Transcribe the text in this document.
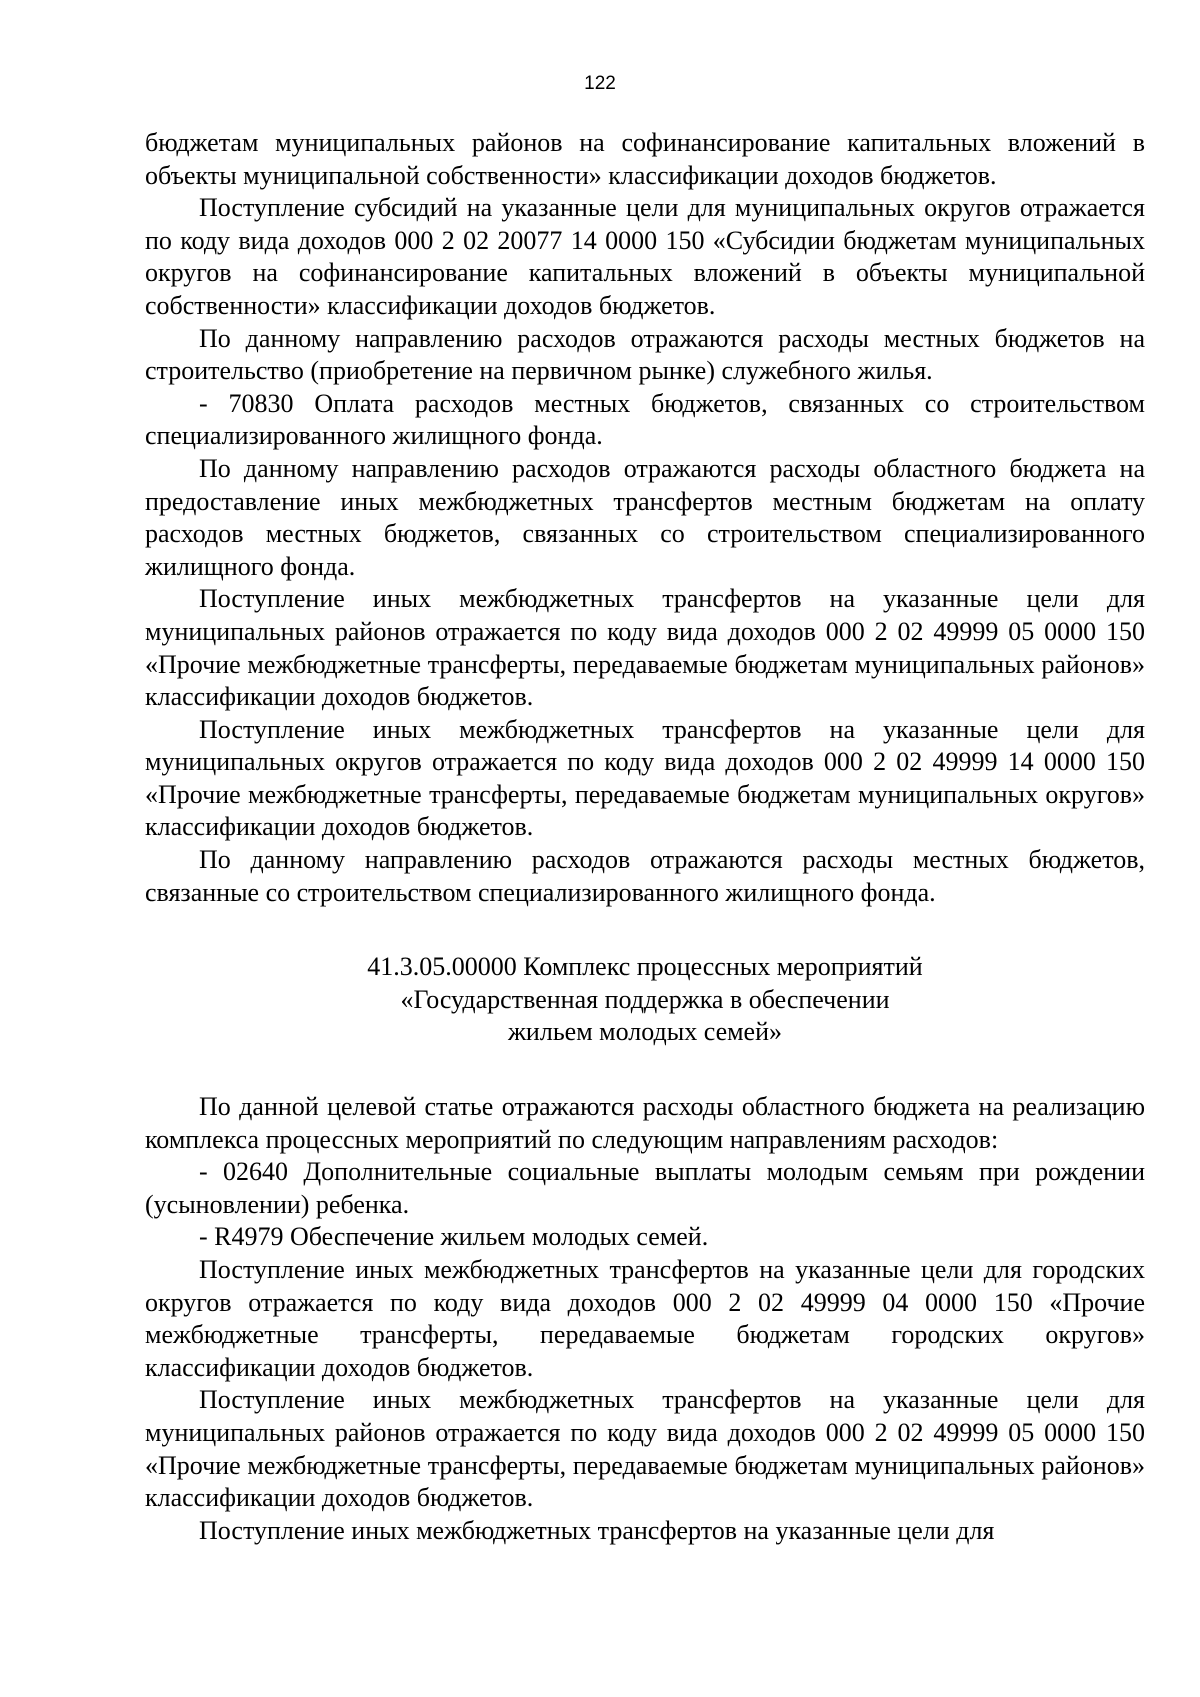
122

бюджетам муниципальных районов на софинансирование капитальных вложений в объекты муниципальной собственности» классификации доходов бюджетов.

Поступление субсидий на указанные цели для муниципальных округов отражается по коду вида доходов 000 2 02 20077 14 0000 150 «Субсидии бюджетам муниципальных округов на софинансирование капитальных вложений в объекты муниципальной собственности» классификации доходов бюджетов.

По данному направлению расходов отражаются расходы местных бюджетов на строительство (приобретение на первичном рынке) служебного жилья.

- 70830 Оплата расходов местных бюджетов, связанных со строительством специализированного жилищного фонда.

По данному направлению расходов отражаются расходы областного бюджета на предоставление иных межбюджетных трансфертов местным бюджетам на оплату расходов местных бюджетов, связанных со строительством специализированного жилищного фонда.

Поступление иных межбюджетных трансфертов на указанные цели для муниципальных районов отражается по коду вида доходов 000 2 02 49999 05 0000 150 «Прочие межбюджетные трансферты, передаваемые бюджетам муниципальных районов» классификации доходов бюджетов.

Поступление иных межбюджетных трансфертов на указанные цели для муниципальных округов отражается по коду вида доходов 000 2 02 49999 14 0000 150 «Прочие межбюджетные трансферты, передаваемые бюджетам муниципальных округов» классификации доходов бюджетов.

По данному направлению расходов отражаются расходы местных бюджетов, связанные со строительством специализированного жилищного фонда.

41.3.05.00000 Комплекс процессных мероприятий
«Государственная поддержка в обеспечении
жильем молодых семей»

По данной целевой статье отражаются расходы областного бюджета на реализацию комплекса процессных мероприятий по следующим направлениям расходов:

- 02640 Дополнительные социальные выплаты молодым семьям при рождении (усыновлении) ребенка.

- R4979 Обеспечение жильем молодых семей.

Поступление иных межбюджетных трансфертов на указанные цели для городских округов отражается по коду вида доходов 000 2 02 49999 04 0000 150 «Прочие межбюджетные трансферты, передаваемые бюджетам городских округов» классификации доходов бюджетов.

Поступление иных межбюджетных трансфертов на указанные цели для муниципальных районов отражается по коду вида доходов 000 2 02 49999 05 0000 150 «Прочие межбюджетные трансферты, передаваемые бюджетам муниципальных районов» классификации доходов бюджетов.

Поступление иных межбюджетных трансфертов на указанные цели для
